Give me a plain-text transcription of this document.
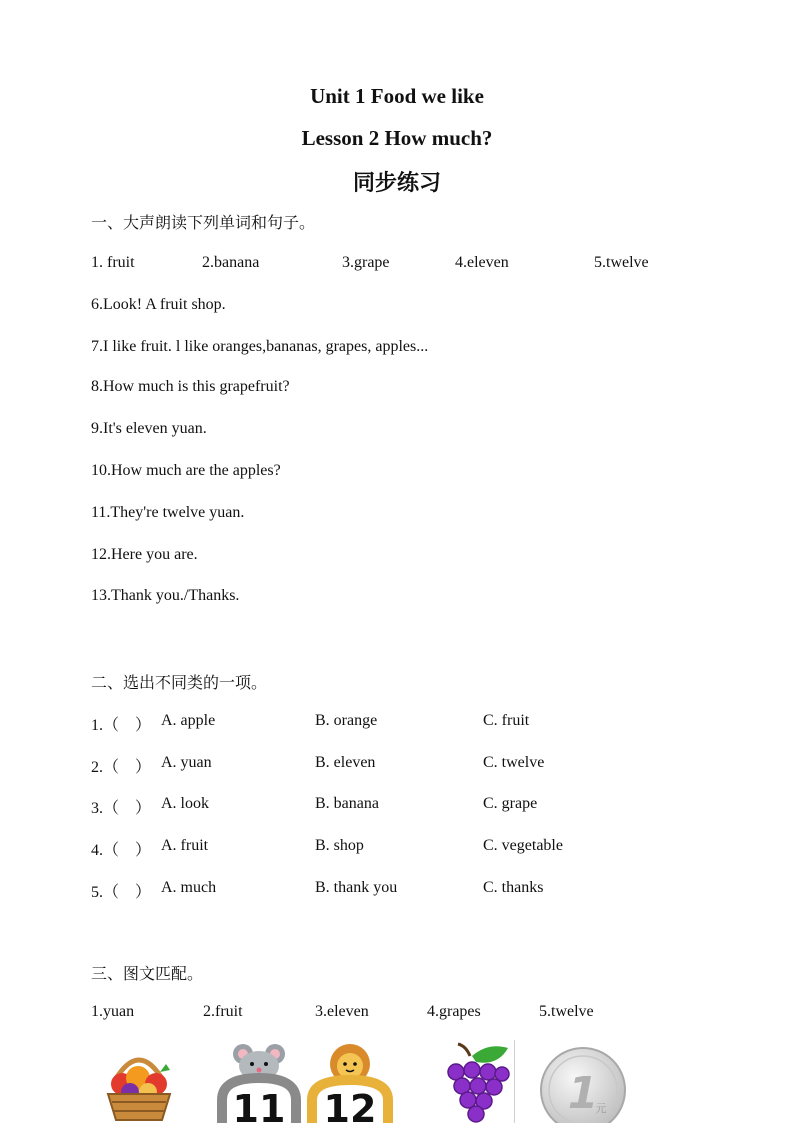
Unit 1 Food we like
Lesson 2 How much?
同步练习
一、大声朗读下列单词和句子。
1. fruit	2.banana	3.grape	4.eleven	5.twelve
6.Look! A fruit shop.
7.I like fruit. l like oranges,bananas, grapes, apples...
8.How much is this grapefruit?
9.It's eleven yuan.
10.How much are the apples?
11.They're twelve yuan.
12.Here you are.
13.Thank you./Thanks.
二、选出不同类的一项。
1.（　） A. apple	B. orange	C. fruit
2.（　） A. yuan	B. eleven	C. twelve
3.（　） A. look	B. banana	C. grape
4.（　） A. fruit	B. shop	C. vegetable
5.（　） A. much	B. thank you	C. thanks
三、图文匹配。
1.yuan	2.fruit	3.eleven	4.grapes	5.twelve
11 12	1
元
